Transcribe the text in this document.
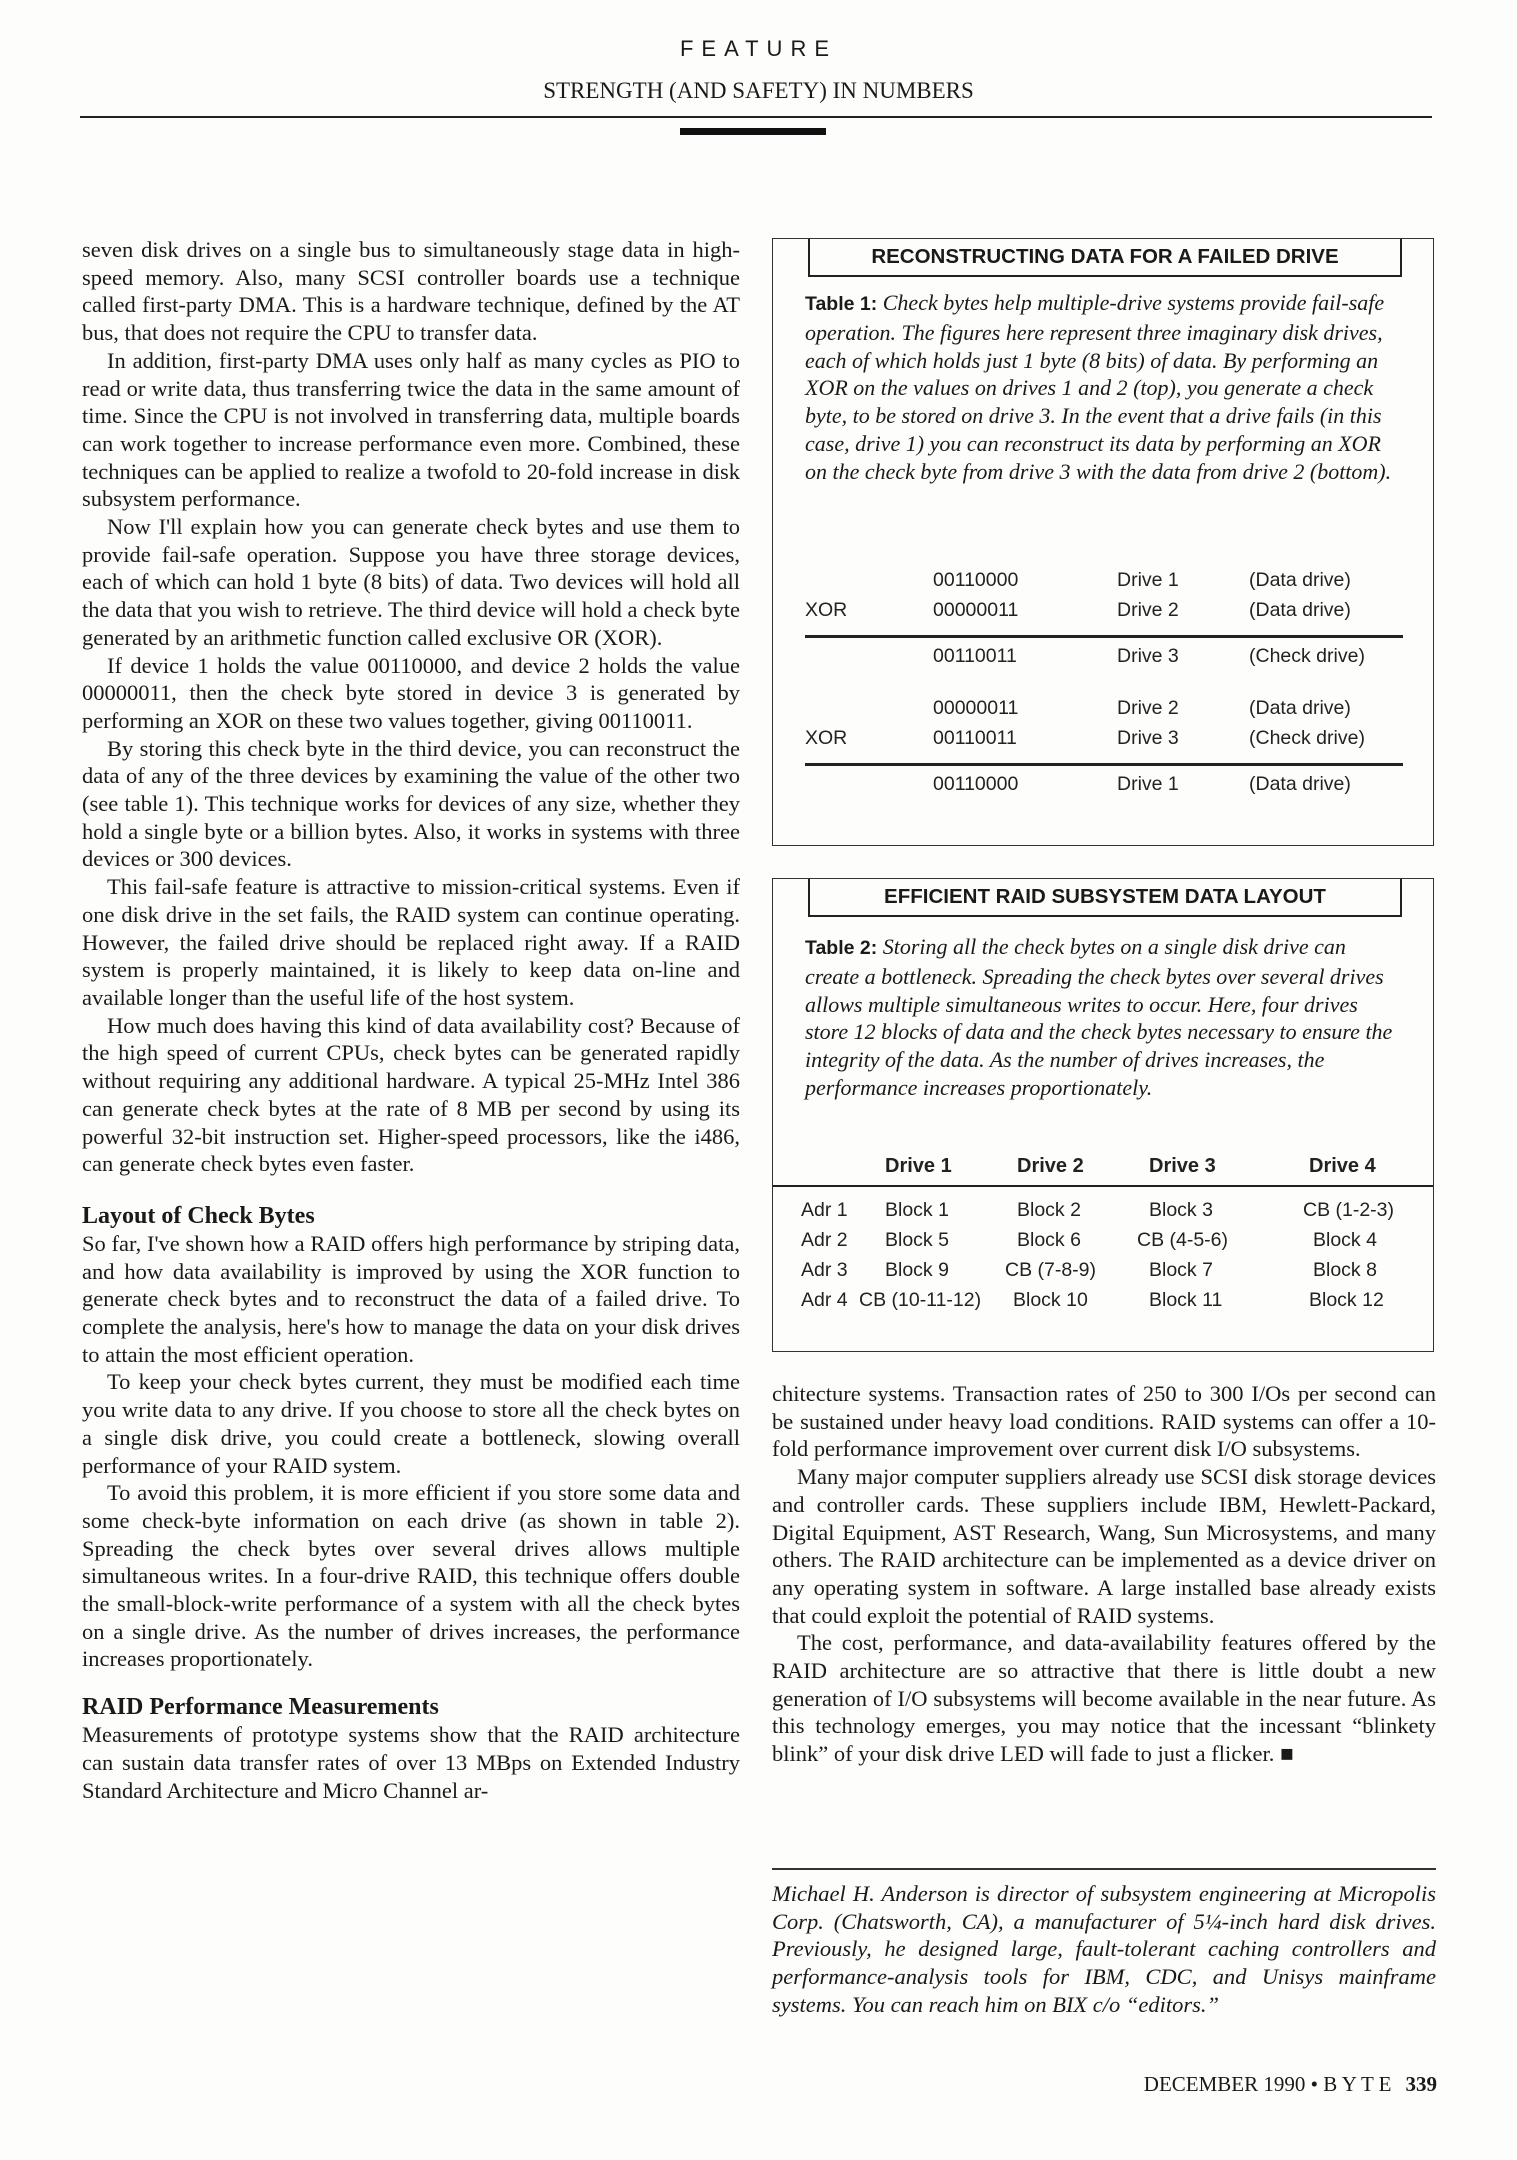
FEATURE
STRENGTH (AND SAFETY) IN NUMBERS

seven disk drives on a single bus to simultaneously stage data in high-speed memory. Also, many SCSI controller boards use a technique called first-party DMA. This is a hardware technique, defined by the AT bus, that does not require the CPU to transfer data.

In addition, first-party DMA uses only half as many cycles as PIO to read or write data, thus transferring twice the data in the same amount of time. Since the CPU is not involved in transferring data, multiple boards can work together to increase performance even more. Combined, these techniques can be applied to realize a twofold to 20-fold increase in disk subsystem performance.

Now I'll explain how you can generate check bytes and use them to provide fail-safe operation. Suppose you have three storage devices, each of which can hold 1 byte (8 bits) of data. Two devices will hold all the data that you wish to retrieve. The third device will hold a check byte generated by an arithmetic function called exclusive OR (XOR).

If device 1 holds the value 00110000, and device 2 holds the value 00000011, then the check byte stored in device 3 is generated by performing an XOR on these two values together, giving 00110011.

By storing this check byte in the third device, you can reconstruct the data of any of the three devices by examining the value of the other two (see table 1). This technique works for devices of any size, whether they hold a single byte or a billion bytes. Also, it works in systems with three devices or 300 devices.

This fail-safe feature is attractive to mission-critical systems. Even if one disk drive in the set fails, the RAID system can continue operating. However, the failed drive should be replaced right away. If a RAID system is properly maintained, it is likely to keep data on-line and available longer than the useful life of the host system.

How much does having this kind of data availability cost? Because of the high speed of current CPUs, check bytes can be generated rapidly without requiring any additional hardware. A typical 25-MHz Intel 386 can generate check bytes at the rate of 8 MB per second by using its powerful 32-bit instruction set. Higher-speed processors, like the i486, can generate check bytes even faster.

Layout of Check Bytes

So far, I've shown how a RAID offers high performance by striping data, and how data availability is improved by using the XOR function to generate check bytes and to reconstruct the data of a failed drive. To complete the analysis, here's how to manage the data on your disk drives to attain the most efficient operation.

To keep your check bytes current, they must be modified each time you write data to any drive. If you choose to store all the check bytes on a single disk drive, you could create a bottleneck, slowing overall performance of your RAID system.

To avoid this problem, it is more efficient if you store some data and some check-byte information on each drive (as shown in table 2). Spreading the check bytes over several drives allows multiple simultaneous writes. In a four-drive RAID, this technique offers double the small-block-write performance of a system with all the check bytes on a single drive. As the number of drives increases, the performance increases proportionately.

RAID Performance Measurements

Measurements of prototype systems show that the RAID architecture can sustain data transfer rates of over 13 MBps on Extended Industry Standard Architecture and Micro Channel ar-

RECONSTRUCTING DATA FOR A FAILED DRIVE
Table 1: Check bytes help multiple-drive systems provide fail-safe operation. The figures here represent three imaginary disk drives, each of which holds just 1 byte (8 bits) of data. By performing an XOR on the values on drives 1 and 2 (top), you generate a check byte, to be stored on drive 3. In the event that a drive fails (in this case, drive 1) you can reconstruct its data by performing an XOR on the check byte from drive 3 with the data from drive 2 (bottom).
00110000	Drive 1	(Data drive)
XOR	00000011	Drive 2	(Data drive)
00110011	Drive 3	(Check drive)
00000011	Drive 2	(Data drive)
XOR	00110011	Drive 3	(Check drive)
00110000	Drive 1	(Data drive)
EFFICIENT RAID SUBSYSTEM DATA LAYOUT
Table 2: Storing all the check bytes on a single disk drive can create a bottleneck. Spreading the check bytes over several drives allows multiple simultaneous writes to occur. Here, four drives store 12 blocks of data and the check bytes necessary to ensure the integrity of the data. As the number of drives increases, the performance increases proportionately.
Drive 1	Drive 2	Drive 3	Drive 4
Adr 1 Block 1	Block 2	Block 3	CB (1-2-3)
Adr 2 Block 5	Block 6	CB (4-5-6)	Block 4
Adr 3 Block 9	CB (7-8-9)	Block 7	Block 8
Adr 4 CB (10-11-12) Block 10	Block 11	Block 12

chitecture systems. Transaction rates of 250 to 300 I/Os per second can be sustained under heavy load conditions. RAID systems can offer a 10-fold performance improvement over current disk I/O subsystems.

Many major computer suppliers already use SCSI disk storage devices and controller cards. These suppliers include IBM, Hewlett-Packard, Digital Equipment, AST Research, Wang, Sun Microsystems, and many others. The RAID architecture can be implemented as a device driver on any operating system in software. A large installed base already exists that could exploit the potential of RAID systems.

The cost, performance, and data-availability features offered by the RAID architecture are so attractive that there is little doubt a new generation of I/O subsystems will become available in the near future. As this technology emerges, you may notice that the incessant “blinkety blink” of your disk drive LED will fade to just a flicker. ■

Michael H. Anderson is director of subsystem engineering at Micropolis Corp. (Chatsworth, CA), a manufacturer of 5¼-inch hard disk drives. Previously, he designed large, fault-tolerant caching controllers and performance-analysis tools for IBM, CDC, and Unisys mainframe systems. You can reach him on BIX c/o “editors.”
DECEMBER 1990 • B Y T E 339
